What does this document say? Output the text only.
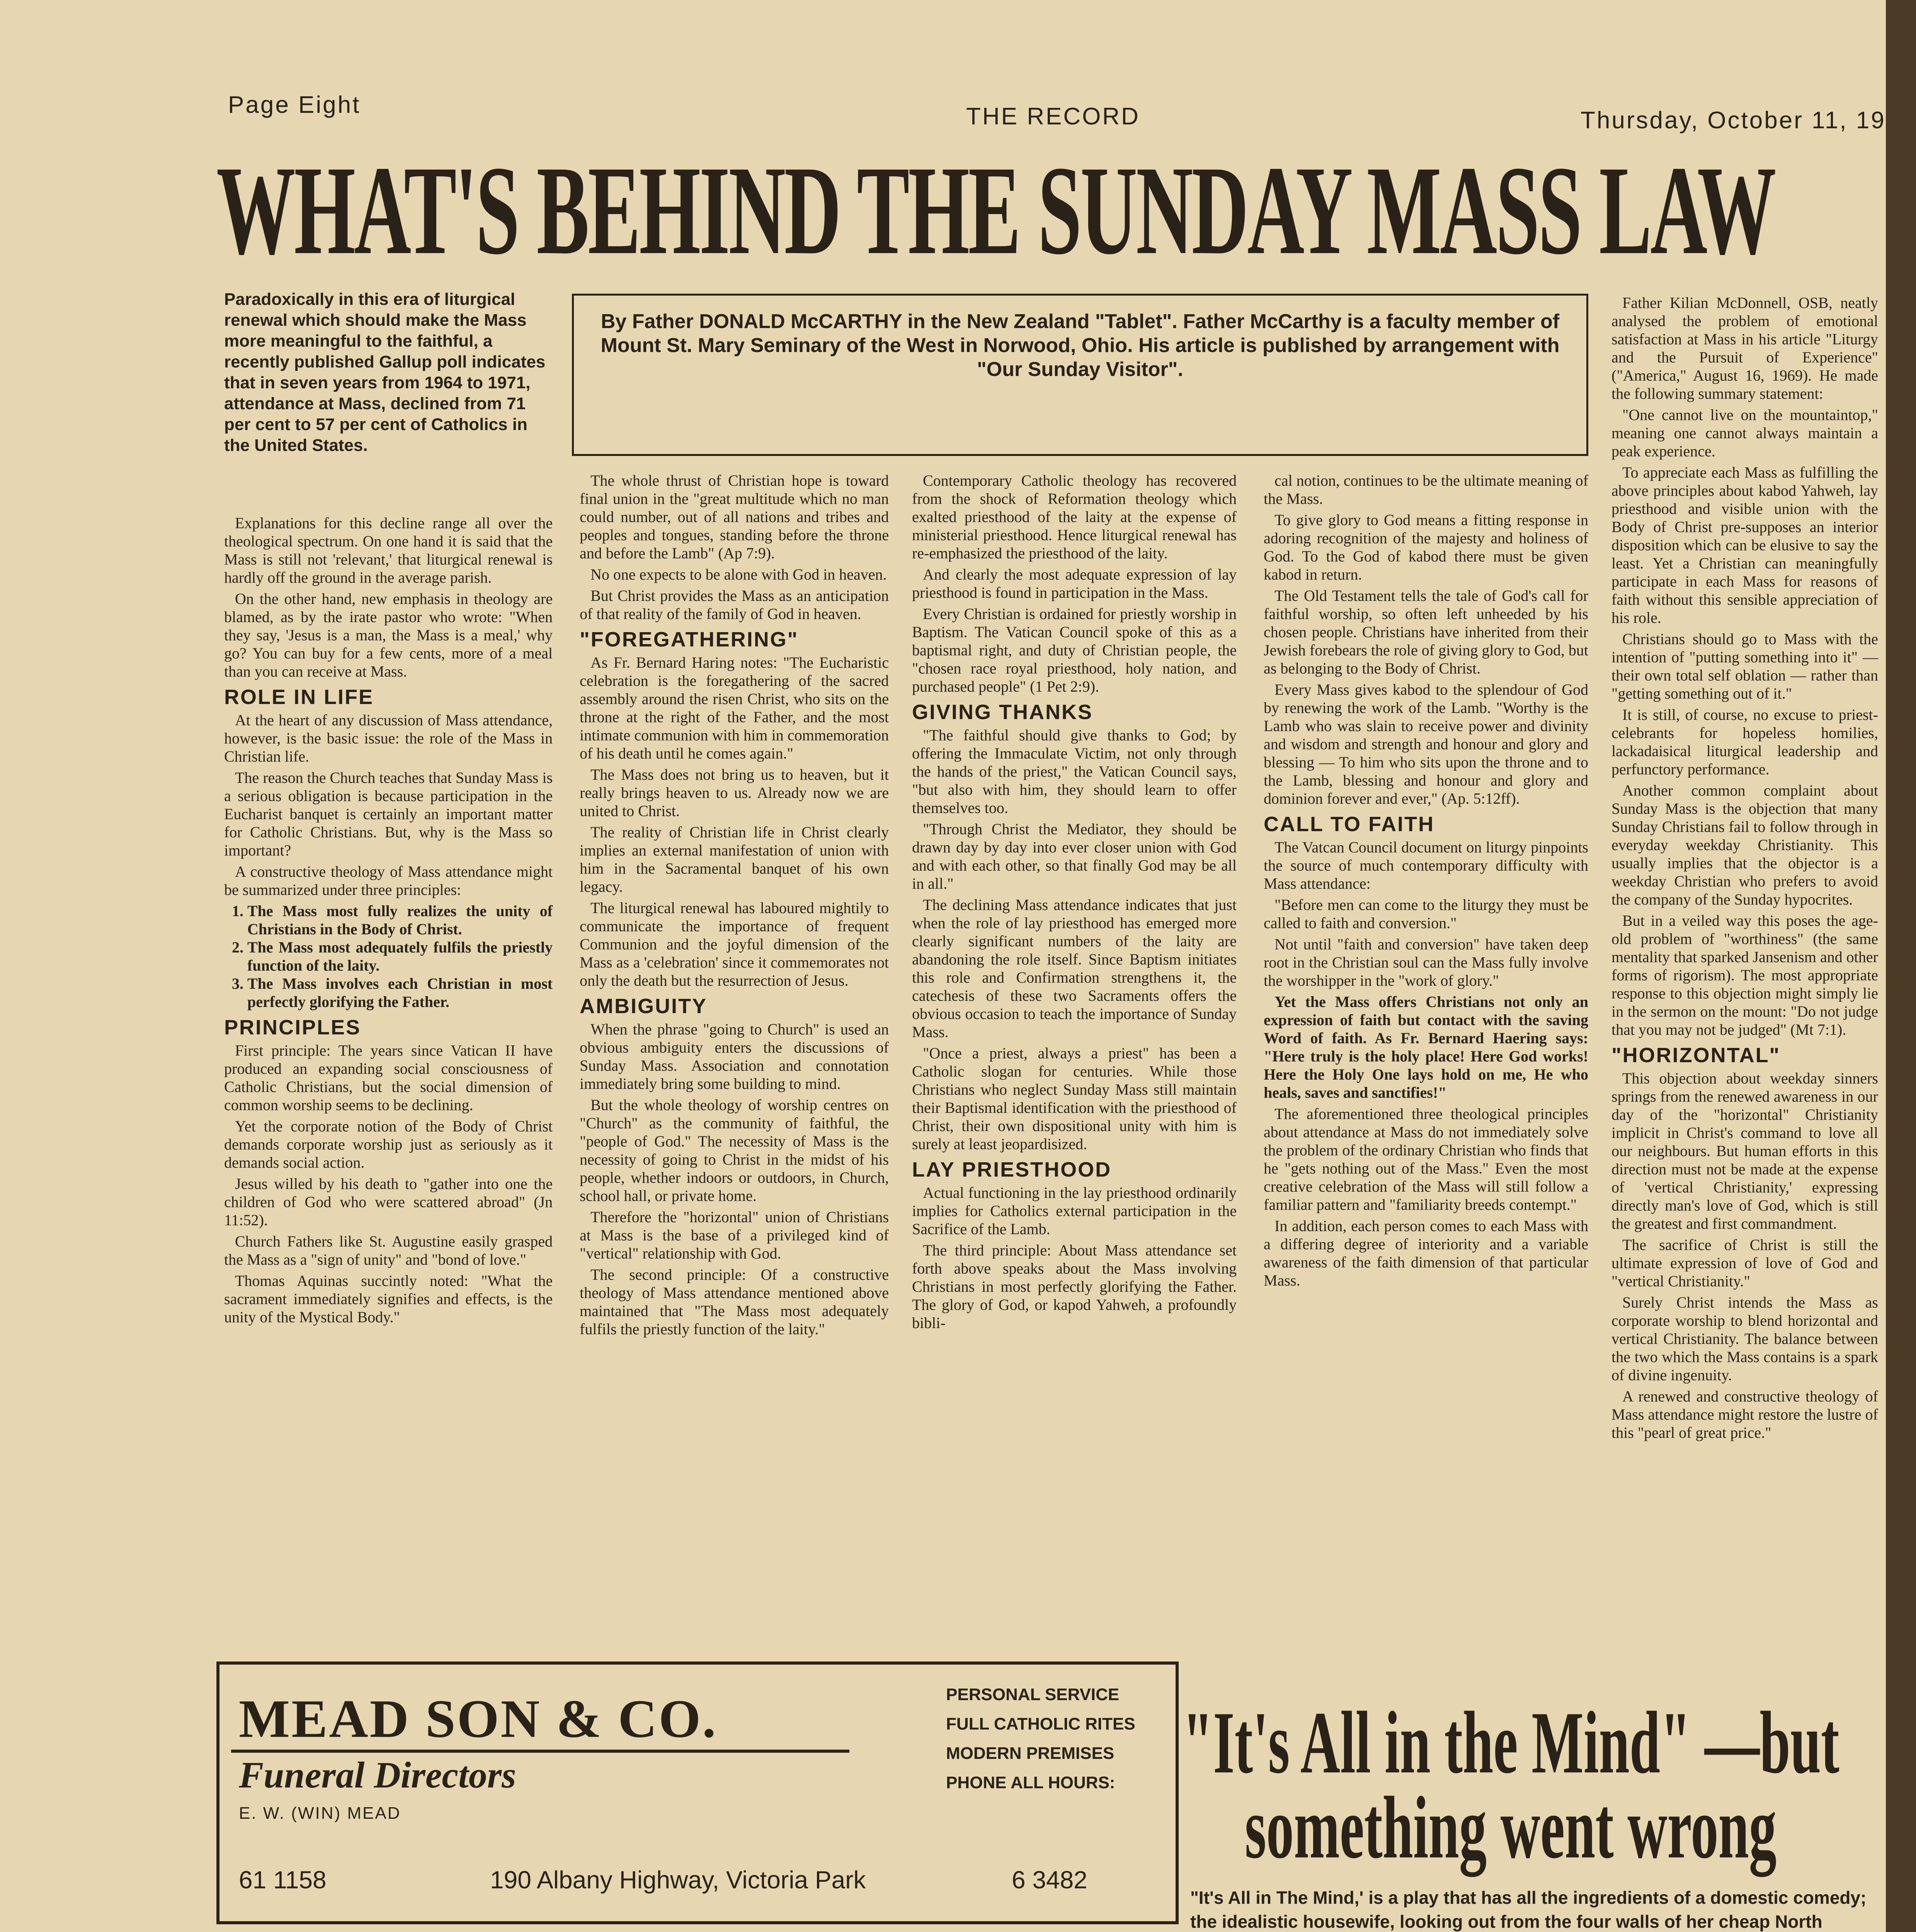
Page Eight	THE RECORD	Thursday, October 11, 19
WHAT'S BEHIND THE SUNDAY MASS LAW
Paradoxically in this era of liturgical renewal which should make the Mass more meaningful to the faithful, a recently published Gallup poll indicates that in seven years from 1964 to 1971, attendance at Mass, declined from 71 per cent to 57 per cent of Catholics in the United States.
By Father DONALD McCARTHY in the New Zealand "Tablet". Father McCarthy is a faculty member of Mount St. Mary Seminary of the West in Norwood, Ohio. His article is published by arrangement with "Our Sunday Visitor".

Explanations for this decline range all over the theological spectrum. On one hand it is said that the Mass is still not 'relevant,' that liturgical renewal is hardly off the ground in the average parish.

On the other hand, new emphasis in theology are blamed, as by the irate pastor who wrote: "When they say, 'Jesus is a man, the Mass is a meal,' why go? You can buy for a few cents, more of a meal than you can receive at Mass.

ROLE IN LIFE

At the heart of any discussion of Mass attendance, however, is the basic issue: the role of the Mass in Christian life.

The reason the Church teaches that Sunday Mass is a serious obligation is because participation in the Eucharist banquet is certainly an important matter for Catholic Christians. But, why is the Mass so important?

A constructive theology of Mass attendance might be summarized under three principles:

1. The Mass most fully realizes the unity of Christians in the Body of Christ.
2. The Mass most adequately fulfils the priestly function of the laity.
3. The Mass involves each Christian in most perfectly glorifying the Father.
PRINCIPLES

First principle: The years since Vatican II have produced an expanding social consciousness of Catholic Christians, but the social dimension of common worship seems to be declining.

Yet the corporate notion of the Body of Christ demands corporate worship just as seriously as it demands social action.

Jesus willed by his death to "gather into one the children of God who were scattered abroad" (Jn 11:52).

Church Fathers like St. Augustine easily grasped the Mass as a "sign of unity" and "bond of love."

Thomas Aquinas succintly noted: "What the sacrament immediately signifies and effects, is the unity of the Mystical Body."

The whole thrust of Christian hope is toward final union in the "great multitude which no man could number, out of all nations and tribes and peoples and tongues, standing before the throne and before the Lamb" (Ap 7:9).

No one expects to be alone with God in heaven.

But Christ provides the Mass as an anticipation of that reality of the family of God in heaven.

"FOREGATHERING"

As Fr. Bernard Haring notes: "The Eucharistic celebration is the foregathering of the sacred assembly around the risen Christ, who sits on the throne at the right of the Father, and the most intimate communion with him in commemoration of his death until he comes again."

The Mass does not bring us to heaven, but it really brings heaven to us. Already now we are united to Christ.

The reality of Christian life in Christ clearly implies an external manifestation of union with him in the Sacramental banquet of his own legacy.

The liturgical renewal has laboured mightily to communicate the importance of frequent Communion and the joyful dimension of the Mass as a 'celebration' since it commemorates not only the death but the resurrection of Jesus.

AMBIGUITY

When the phrase "going to Church" is used an obvious ambiguity enters the discussions of Sunday Mass. Association and connotation immediately bring some building to mind.

But the whole theology of worship centres on "Church" as the community of faithful, the "people of God." The necessity of Mass is the necessity of going to Christ in the midst of his people, whether indoors or outdoors, in Church, school hall, or private home.

Therefore the "horizontal" union of Christians at Mass is the base of a privileged kind of "vertical" relationship with God.

The second principle: Of a constructive theology of Mass attendance mentioned above maintained that "The Mass most adequately fulfils the priestly function of the laity."

Contemporary Catholic theology has recovered from the shock of Reformation theology which exalted priesthood of the laity at the expense of ministerial priesthood. Hence liturgical renewal has re-emphasized the priesthood of the laity.

And clearly the most adequate expression of lay priesthood is found in participation in the Mass.

Every Christian is ordained for priestly worship in Baptism. The Vatican Council spoke of this as a baptismal right, and duty of Christian people, the "chosen race royal priesthood, holy nation, and purchased people" (1 Pet 2:9).

GIVING THANKS

"The faithful should give thanks to God; by offering the Immaculate Victim, not only through the hands of the priest," the Vatican Council says, "but also with him, they should learn to offer themselves too.

"Through Christ the Mediator, they should be drawn day by day into ever closer union with God and with each other, so that finally God may be all in all."

The declining Mass attendance indicates that just when the role of lay priesthood has emerged more clearly significant numbers of the laity are abandoning the role itself. Since Baptism initiates this role and Confirmation strengthens it, the catechesis of these two Sacraments offers the obvious occasion to teach the importance of Sunday Mass.

"Once a priest, always a priest" has been a Catholic slogan for centuries. While those Christians who neglect Sunday Mass still maintain their Baptismal identification with the priesthood of Christ, their own dispositional unity with him is surely at least jeopardisized.

LAY PRIESTHOOD

Actual functioning in the lay priesthood ordinarily implies for Catholics external participation in the Sacrifice of the Lamb.

The third principle: About Mass attendance set forth above speaks about the Mass involving Christians in most perfectly glorifying the Father. The glory of God, or kapod Yahweh, a profoundly bibli-

cal notion, continues to be the ultimate meaning of the Mass.

To give glory to God means a fitting response in adoring recognition of the majesty and holiness of God. To the God of kabod there must be given kabod in return.

The Old Testament tells the tale of God's call for faithful worship, so often left unheeded by his chosen people. Christians have inherited from their Jewish forebears the role of giving glory to God, but as belonging to the Body of Christ.

Every Mass gives kabod to the splendour of God by renewing the work of the Lamb. "Worthy is the Lamb who was slain to receive power and divinity and wisdom and strength and honour and glory and blessing — To him who sits upon the throne and to the Lamb, blessing and honour and glory and dominion forever and ever," (Ap. 5:12ff).

CALL TO FAITH

The Vatcan Council document on liturgy pinpoints the source of much contemporary difficulty with Mass attendance:

"Before men can come to the liturgy they must be called to faith and conversion."

Not until "faith and conversion" have taken deep root in the Christian soul can the Mass fully involve the worshipper in the "work of glory."

Yet the Mass offers Christians not only an expression of faith but contact with the saving Word of faith. As Fr. Bernard Haering says: "Here truly is the holy place! Here God works! Here the Holy One lays hold on me, He who heals, saves and sanctifies!"

The aforementioned three theological principles about attendance at Mass do not immediately solve the problem of the ordinary Christian who finds that he "gets nothing out of the Mass." Even the most creative celebration of the Mass will still follow a familiar pattern and "familiarity breeds contempt."

In addition, each person comes to each Mass with a differing degree of interiority and a variable awareness of the faith dimension of that particular Mass.

Father Kilian McDonnell, OSB, neatly analysed the problem of emotional satisfaction at Mass in his article "Liturgy and the Pursuit of Experience" ("America," August 16, 1969). He made the following summary statement:

"One cannot live on the mountaintop," meaning one cannot always maintain a peak experience.

To appreciate each Mass as fulfilling the above principles about kabod Yahweh, lay priesthood and visible union with the Body of Christ pre-supposes an interior disposition which can be elusive to say the least. Yet a Christian can meaningfully participate in each Mass for reasons of faith without this sensible appreciation of his role.

Christians should go to Mass with the intention of "putting something into it" — their own total self oblation — rather than "getting something out of it."

It is still, of course, no excuse to priest-celebrants for hopeless homilies, lackadaisical liturgical leadership and perfunctory performance.

Another common complaint about Sunday Mass is the objection that many Sunday Christians fail to follow through in everyday weekday Christianity. This usually implies that the objector is a weekday Christian who prefers to avoid the company of the Sunday hypocrites.

But in a veiled way this poses the age-old problem of "worthiness" (the same mentality that sparked Jansenism and other forms of rigorism). The most appropriate response to this objection might simply lie in the sermon on the mount: "Do not judge that you may not be judged" (Mt 7:1).

"HORIZONTAL"

This objection about weekday sinners springs from the renewed awareness in our day of the "horizontal" Christianity implicit in Christ's command to love all our neighbours. But human efforts in this direction must not be made at the expense of 'vertical Christianity,' expressing directly man's love of God, which is still the greatest and first commandment.

The sacrifice of Christ is still the ultimate expression of love of God and "vertical Christianity."

Surely Christ intends the Mass as corporate worship to blend horizontal and vertical Christianity. The balance between the two which the Mass contains is a spark of divine ingenuity.

A renewed and constructive theology of Mass attendance might restore the lustre of this "pearl of great price."

MEAD SON & CO.
Funeral Directors
E. W. (WIN) MEAD
61 1158	190 Albany Highway, Victoria Park	6 3482
PERSONAL SERVICE
FULL CATHOLIC RITES
MODERN PREMISES
PHONE ALL HOURS: "It's All in the Mind" —but
something went wrong
"It's All in The Mind,' is a play that has all the ingredients of a domestic comedy; the idealistic housewife, looking out from the four walls of her cheap North
